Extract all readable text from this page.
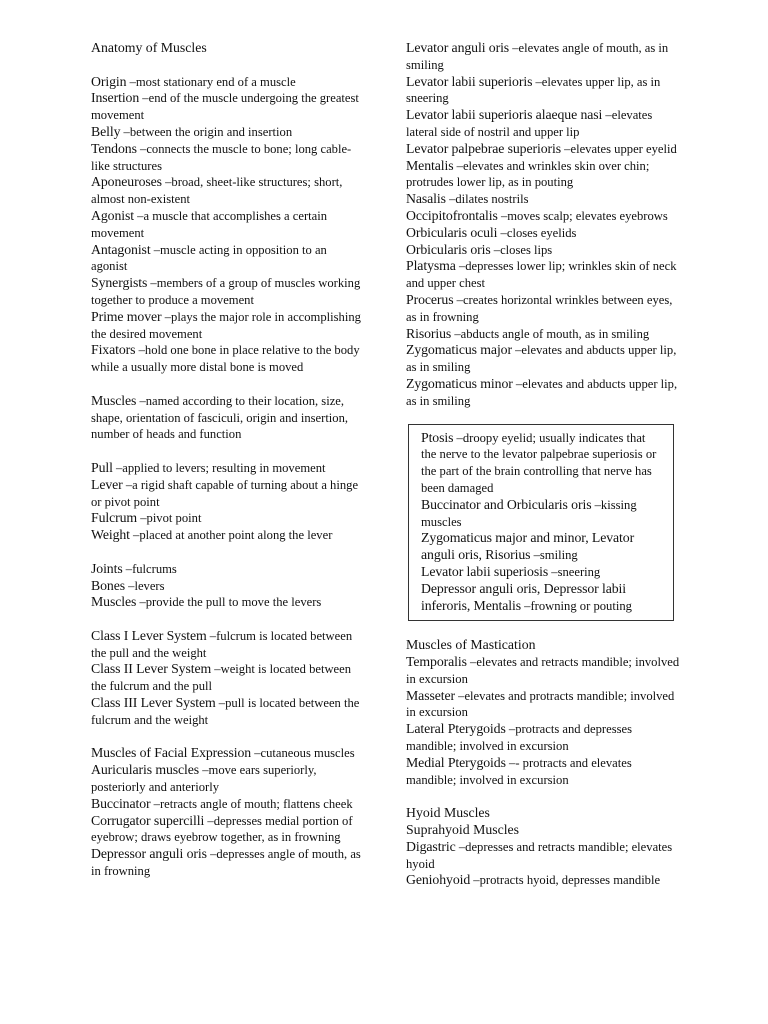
Anatomy of Muscles

Origin – most stationary end of a muscle

Insertion – end of the muscle undergoing the greatest movement

Belly – between the origin and insertion

Tendons – connects the muscle to bone; long cable-like structures

Aponeuroses – broad, sheet-like structures; short, almost non-existent

Agonist – a muscle that accomplishes a certain movement

Antagonist – muscle acting in opposition to an agonist

Synergists – members of a group of muscles working together to produce a movement

Prime mover – plays the major role in accomplishing the desired movement

Fixators – hold one bone in place relative to the body while a usually more distal bone is moved

Muscles – named according to their location, size, shape, orientation of fasciculi, origin and insertion, number of heads and function

Pull – applied to levers; resulting in movement

Lever – a rigid shaft capable of turning about a hinge or pivot point

Fulcrum – pivot point

Weight – placed at another point along the lever

Joints – fulcrums

Bones – levers

Muscles – provide the pull to move the levers

Class I Lever System – fulcrum is located between the pull and the weight

Class II Lever System – weight is located between the fulcrum and the pull

Class III Lever System – pull is located between the fulcrum and the weight

Muscles of Facial Expression – cutaneous muscles

Auricularis muscles – move ears superiorly, posteriorly and anteriorly

Buccinator – retracts angle of mouth; flattens cheek

Corrugator supercilli – depresses medial portion of eyebrow; draws eyebrow together, as in frowning

Depressor anguli oris – depresses angle of mouth, as in frowning

Levator anguli oris – elevates angle of mouth, as in smiling

Levator labii superioris – elevates upper lip, as in sneering

Levator labii superioris alaeque nasi – elevates lateral side of nostril and upper lip

Levator palpebrae superioris – elevates upper eyelid

Mentalis – elevates and wrinkles skin over chin; protrudes lower lip, as in pouting

Nasalis – dilates nostrils

Occipitofrontalis – moves scalp; elevates eyebrows

Orbicularis oculi – closes eyelids

Orbicularis oris – closes lips

Platysma – depresses lower lip; wrinkles skin of neck and upper chest

Procerus – creates horizontal wrinkles between eyes, as in frowning

Risorius – abducts angle of mouth, as in smiling

Zygomaticus major – elevates and abducts upper lip, as in smiling

Zygomaticus minor – elevates and abducts upper lip, as in smiling

Ptosis – droopy eyelid; usually indicates that the nerve to the levator palpebrae superiosis or the part of the brain controlling that nerve has been damaged

Buccinator and Orbicularis oris – kissing muscles

Zygomaticus major and minor, Levator anguli oris, Risorius – smiling

Levator labii superiosis – sneering

Depressor anguli oris, Depressor labii inferoris, Mentalis – frowning or pouting

Muscles of Mastication

Temporalis – elevates and retracts mandible; involved in excursion

Masseter – elevates and protracts mandible; involved in excursion

Lateral Pterygoids – protracts and depresses mandible; involved in excursion

Medial Pterygoids – - protracts and elevates mandible; involved in excursion

Hyoid Muscles

Suprahyoid Muscles

Digastric – depresses and retracts mandible; elevates hyoid

Geniohyoid – protracts hyoid, depresses mandible
